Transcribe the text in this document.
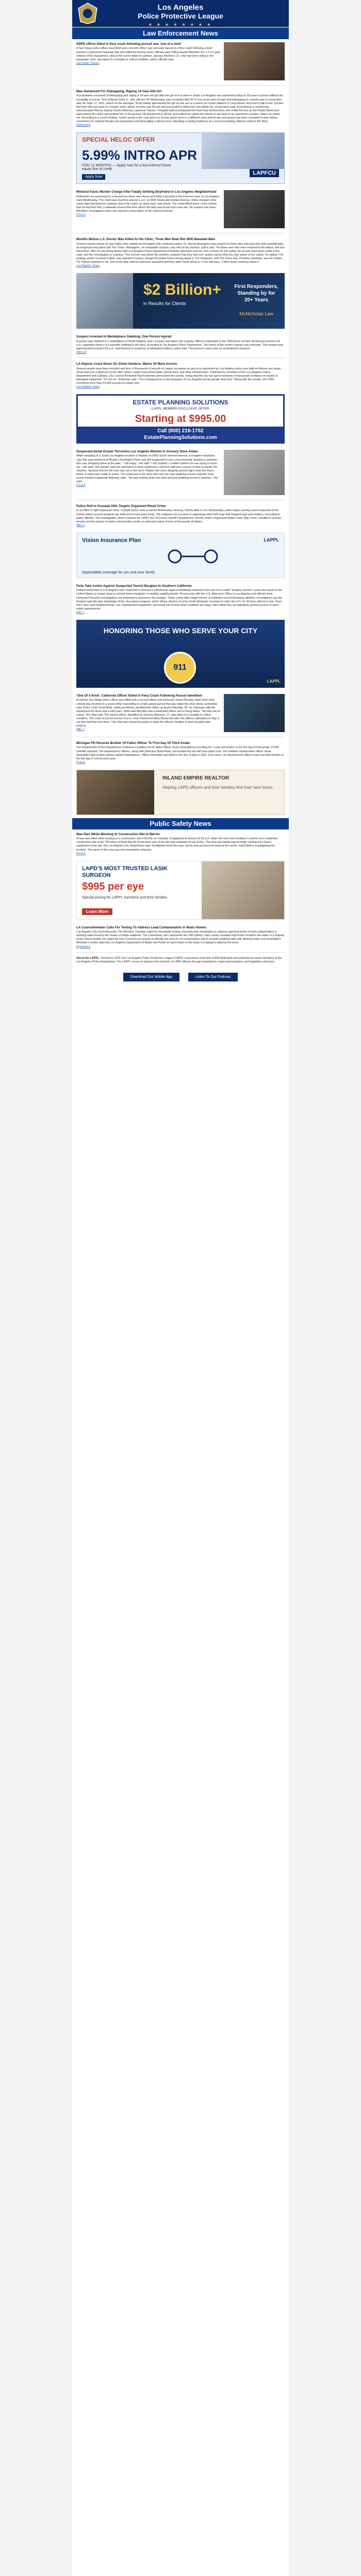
Los Angeles
Police Protective League
★ ★ ★ ★ ★ ★ ★ ★
Law Enforcement News
SDPD officer killed in fiery crash following pursuit was 'one of a kind'

A San Diego police officer was killed and a second officer was seriously injured in a fiery crash following a brief pursuit in Clairemont Saturday that also killed the fleeing driver, officials said. Officer Austin Machitar, 30, a 3 1/2-year veteran of the department, died at the scene while his partner, Zachary Martinez, 27, who had been riding in the passenger seat, was taken to a hospital in critical condition, police officials said.

San Diego Tribune
Man Sentenced For Kidnapping, Raping 14-Year-Old Girl

A probationer convicted of kidnapping and raping a 14-year-old girl after the girl of of a store in South Los Angeles was sentenced today to 29 years in prison without the possibility of parole. Terry Edward Scott Jr., who will turn 40 Wednesday, was convicted April 30 of one count each of rape and kidnapping to commit rape in connection with the Sept. 27, 2021, attack on the teenager. Scott initially approached the girl as she sat on a bench at a trash platform in Long Beach and tried to talk to her, but she fled from him and went to a nearby store, where he then saw the girl and proceeded to follow her and attack her, prosecutors said. According to a sentencing memorandum filed by Deputy District Attorney Lawrence Tokmer. "Hospital staff accompanied the teen from behind when she exited the bus at San Pedro Street and approached the victim and pushed her to the ground. He threatened to kill her and walked her about two blocks to the back of an apartment complex, where he raped her. According to a court's finding, Scott's arrest in the case led to an 8-year prison term in a different case and he also previously had been convicted of prior felony convictions for criminal threats and possession and dissuading a witness from attending or giving testimony at a court proceeding, Mariani noted in the filing.

MyNewsLA
SPECIAL HELOC OFFER
5.99% INTRO APR
FOR 12 MONTHS — Apply now for a low-interest home equity line of credit
Apply Now
LAPFCU
Motorist Faces Murder Charge After Fatally Striking Boyfriend in Los Angeles Neighborhood

Authorities are searching for a hit-and-run driver who struck and killed a bicyclist in the Florence area of Los Angeles early Wednesday. The crash was reported around 1 a.m. on 80th Street and Hooper Avenue. Video showed crime scene tape blocking the roadway where the victim, an adult male, was struck. The unidentified driver of the vehicle that hit and then fled, a sidewalk several feet from where the bike was found and crash site. No suspect has been identified. Investigators have not released a description of the vehicle involved.

KTLA 5
Months Before L.A. Doctor Was Killed At His Clinic, Three Men Beat Him With Baseball Bats

Several months before he was fatally shot outside his Woodland Hills medical practice, Dr. Hamid Mostaghim was jumped by three men who beat him with baseball bats, an employee and police told The Times. Mostaghim, an orthopedic surgeon, was shot at his practice, police said. The three men who were involved in the attack, and last December, after he was doing dishes with Los Angeles Police Department homicide detectives and her own concern for her safety. No arrests have been made in the case, and the investigation is ongoing. "The coroner was about the incident, unaware that they had ever spoken about what she was aware of the safety," he added. The beating, which occurred in April, was reported to police, though the public knew nothing about it. The employee, told The Times that, Christine Urbaniak, was his mother. "Dr. Hamid reported to me, well at the time said he had been assaulted and they didn't know about it," in an interview. "I didn't know anything about it."

Los Angeles Times
$2 Billion+
in Results for Clients
First Responders, Standing by for 20+ Years
McNicholas Law
Suspect Arrested in Marketplace Stabbing, One Person Injured

A person was stabbed in a marketplace in Boyle Heights, and a suspect was taken into custody. Officers responded to the 1000 block of Prizer Boulevard around 4:15 p.m. regarding reports of a possible stabbing in the area, according to Los Angeles Police Department. The extent of the victim's injuries was unknown. The suspect was apprehended around 4:30 p.m. and booked on suspicion of attempted robbery, police said. The person's name was not immediately released.

CBS LA
LA Rejects Crack Down On Street Vendors, Warns Of More Arrests

Several people have been arrested and tens of thousands of pounds of copper recovered as part of a crackdown by Los Angeles police and staff on thieves and repair shops that turn a blind eye to the often stolen copper from street lights, phone lines, and other infrastructure. Published by members of the Los Angeles Police Department and Caltrans, City Council President Paul Krekorian announced the arrests, noting that the city has spent hundreds of thousands of dollars on repairs to damaged equipment. "It's not ok," Krekorian said. "The consequences to the taxpayers of Los Angeles are far greater than that." Along with the arrests, the LAPD recovered more than 14,000 pounds of copper wire.

Los Angeles Times
ESTATE PLANNING SOLUTIONS
LAPPL MEMBER EXCLUSIVE OFFER
Starting at $995.00
Call (800) 216-1762
EstatePlanningSolutions.com
Suspected Serial Groper Terrorizes Los Angeles Women In Grocery Store Aisles

While shopping at a South Los Angeles location of Ralphs on 2600 South Vermont Avenue, a longtime employee says this past weekend at Moose's Huntington Park, and she happened to see a man brazenly groping a customer, who was shopping alone in the aisle. "I felt angry," she said. "I felt violated. I couldn't believe he was trying to touch me," she said. The woman said she reported it to store employees, and that staff were unsure of how to handle the situation. Security told her the man was not in the store. Ralphs has since allegedly posted signs near the man's photo. A report was made to police. The employee in the store who saw the man targeting women said the most recent incident happened Saturday night. "He was walking down the aisle and just grabbing women's behinds," she said.

KTLA 5
Police Roll in Granada Hills Targets Organized Retail Crime

In an effort to fight organized crime, multiple police raids occurred Wednesday morning. Shortly after 6 a.m. Wednesday, police began serving search warrants at the homes where several suspects are believed to have been living. The suspects are accused of organizing retail theft rings that targeted high-end retailers, according to police officials. The investigation, which involved the LAPD, the LA County Sheriff's Department, and the state's Organized Retail Crime Task Force, resulted in several arrests and the seizure of stolen merchandise worth an estimated value of tens of thousands of dollars.

NBC 4
Vision Insurance Plan	LAPPL
Dependable coverage for you and your family
Feds Take Action Against Suspected Tourist Burglars In Southern California

Federal authorities in Los Angeles were expected to announce indictments against individuals believed to be part of so-called "burglary tourism" crews who travel to the United States on tourist visas to commit home burglaries in wealthy neighborhoods. Prosecutors with the U.S. Attorney's Office in Los Angeles and officials from Homeland Security Investigations are expected to announce the charges. These crews often target homes of celebrities and professional athletes. Investigators say the burglars typically take advantage of the visa waiver program, which allows citizens of some South American countries to enter the U.S. for 90 days without a visa. Once here, they case neighborhoods, use sophisticated equipment, and break into homes when residents are away, often while they are attending sporting events or other public appearances.

ABC 7
HONORING THOSE WHO SERVE YOUR CITY
911
LAPPL
'One Of A Kind': California Officer Killed in Fiery Crash Following Pursuit Identified

A veteran San Diego police officer was killed and a second officer was seriously injured Monday night when their vehicle was involved in a crash while responding to a high-speed pursuit that also killed the other driver, authorities said. Police Chief Scott Wahl, visibly emotional, identified the officer as Austin Machitar, 30. He had been with the department for three and a half years. Wahl said Machitar was a dedicated officer and a loving father. "He was one of a kind," the chief said. The injured officer, identified as Zachary Martinez, 27, was taken to a hospital in critical condition. The crash occurred around 10 p.m. near Clairemont Mesa Boulevard after the officers attempted to stop a car that had fled from them. The chief also asked the public to keep the officers' families in their thoughts and prayers.

NBC 7
Michigan PD Records Brother Of Fallen Officer To First Day Of Third Grade

The Hedmanville Police Department continued a tradition set by fallen Officer Jesse Shanafelt by escorting his 7-year-old brother to his first day of third grade. POPE OHVAR reported. The department's officers, along with Detective Brad Rowe, surrounded the car with their patrol cars. The tradition started when officer Jesse Shanafelt's little brother Ashton started kindergarten. Officer Shanafelt was killed in the line of duty in 2021. Ever since, the department's officers have escorted Ashton to his first day of school each year.

Police1
INLAND EMPIRE REALTOR
Helping LAPD officers and their families find their next home.
Public Safety News
Man Dies While Working At Construction Site In Bel-Air

A man was killed while working at a construction site in Bel-Air on Tuesday. It happened at around 12:15 p.m. when the man was working in a trench at a residential construction site in the 700 block of North Bel-Air Road when part of the dirt wall collapsed on top of him. The man was fatally injured while working from heavy equipment at the site, the Los Angeles Fire Department said. Firefighters freed the man, but he was pronounced dead at the scene. Cal/OSHA is investigating the incident. The name of the man was not immediately released.

KTLA 5
LAPD'S MOST TRUSTED LASIK SURGEON
$995 per eye
Special pricing for LAPPL members and their families
Learn More
LA Councilmember Calls For Testing To Address Lead Contamination In Watts Homes

Los Angeles City Councilmember Tim McOsker Tuesday called for immediate testing, reporting and remediation to address alarming levels of lead contamination in drinking water found in the homes of Watts residents. The councilman, who represents the 15th District, said a study revealed high levels of lead in the water in a majority of the homes tested. He urged the City Council to act quickly to identify the sources of contamination and to provide residents with safe drinking water and remediation. McOsker's motion asks the Los Angeles Department of Water and Power to report back on the steps it is taking to address the issue.

MyNewsLA
About the LAPPL: Formed in 1923, the Los Angeles Police Protective League (LAPPL) represents more than 8,800 dedicated and professional sworn members of the Los Angeles Police Department. The LAPPL serves to advance the interests of LAPD officers through negotiations, legal representation, and legislative advocacy.
Download Our Mobile App	Listen To Our Podcast
